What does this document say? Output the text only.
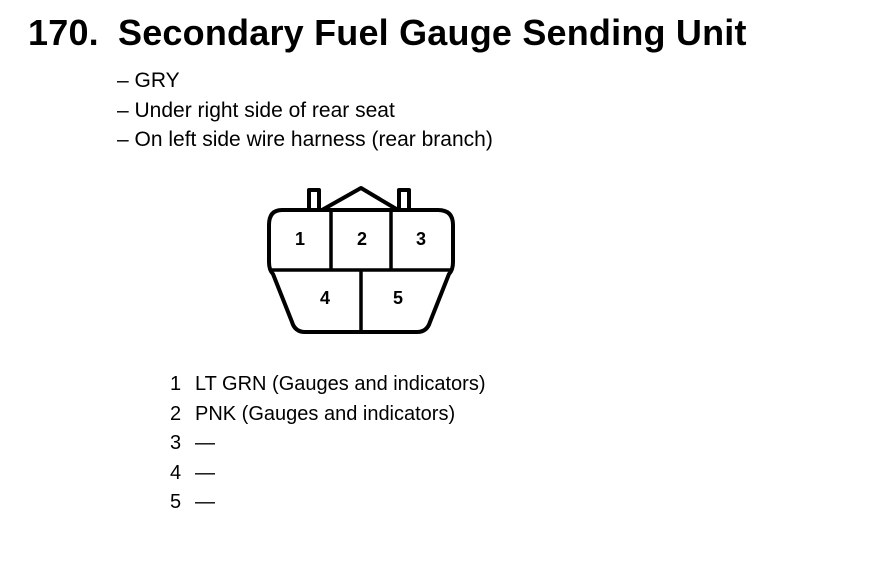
170. Secondary Fuel Gauge Sending Unit
– GRY
– Under right side of rear seat
– On left side wire harness (rear branch)
1	2	3
4	5
1 LT GRN (Gauges and indicators)
2 PNK (Gauges and indicators)
3 —
4 —
5 —
